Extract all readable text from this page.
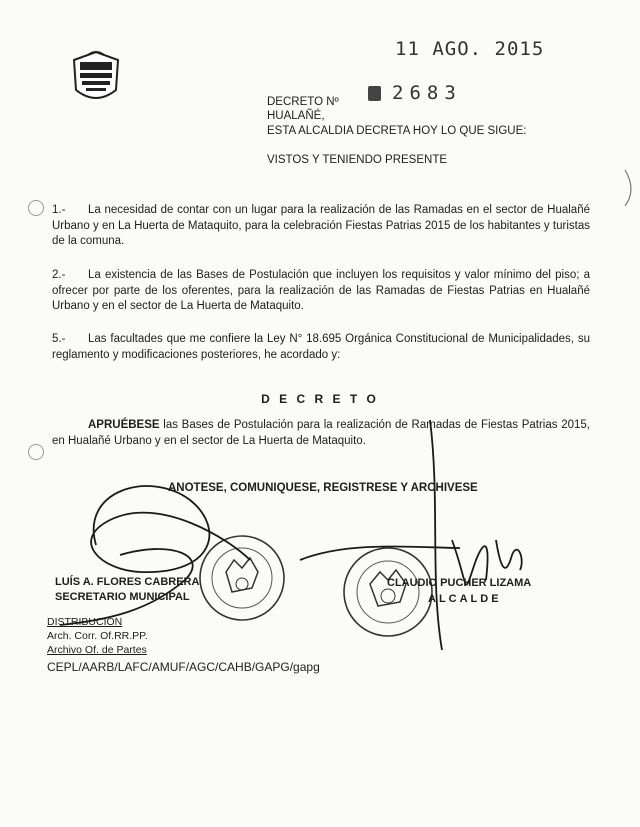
11 AGO. 2015
2683
DECRETO Nº
HUALAÑÉ,
ESTA ALCALDIA DECRETA HOY LO QUE SIGUE:
VISTOS Y TENIENDO PRESENTE
1.- La necesidad de contar con un lugar para la realización de las Ramadas en el sector de Hualañé Urbano y en La Huerta de Mataquito, para la celebración Fiestas Patrias 2015 de los habitantes y turistas de la comuna.
2.- La existencia de las Bases de Postulación que incluyen los requisitos y valor mínimo del piso; a ofrecer por parte de los oferentes, para la realización de las Ramadas de Fiestas Patrias en Hualañé Urbano y en el sector de La Huerta de Mataquito.
5.- Las facultades que me confiere la Ley N° 18.695 Orgánica Constitucional de Municipalidades, su reglamento y modificaciones posteriores, he acordado y:
D E C R E T O
APRUÉBESE las Bases de Postulación para la realización de Ramadas de Fiestas Patrias 2015, en Hualañé Urbano y en el sector de La Huerta de Mataquito.
ANOTESE, COMUNIQUESE, REGISTRESE Y ARCHIVESE
LUÍS A. FLORES CABRERA
SECRETARIO MUNICIPAL
CLAUDIO PUCHER LIZAMA
ALCALDE
DISTRIBUCION
Arch. Corr. Of.RR.PP.
Archivo Of. de Partes
CEPL/AARB/LAFC/AMUF/AGC/CAHB/GAPG/gapg
